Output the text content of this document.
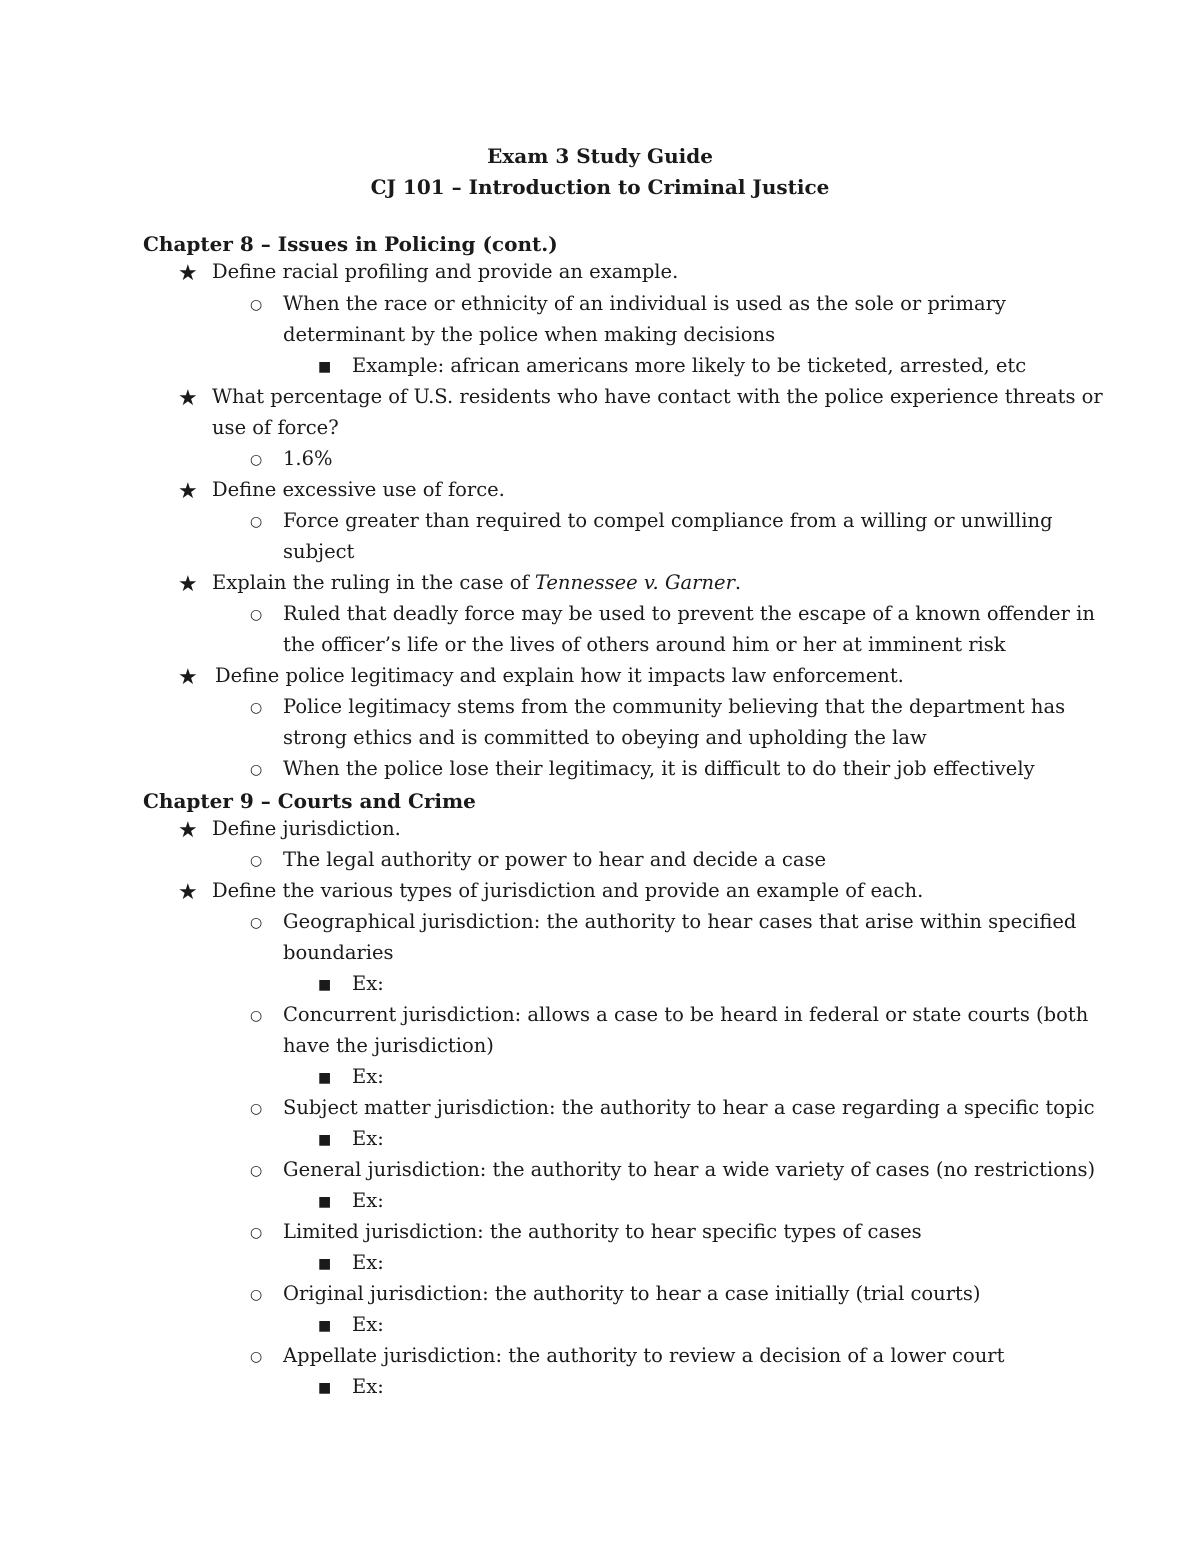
Exam 3 Study Guide
CJ 101 – Introduction to Criminal Justice
Chapter 8 – Issues in Policing (cont.)
★ Define racial profiling and provide an example.
○ When the race or ethnicity of an individual is used as the sole or primary
determinant by the police when making decisions
■ Example: african americans more likely to be ticketed, arrested, etc
★ What percentage of U.S. residents who have contact with the police experience threats or
use of force?
○ 1.6%
★ Define excessive use of force.
○ Force greater than required to compel compliance from a willing or unwilling
subject
★ Explain the ruling in the case of Tennessee v. Garner.
○ Ruled that deadly force may be used to prevent the escape of a known offender in
the officer’s life or the lives of others around him or her at imminent risk
★ Define police legitimacy and explain how it impacts law enforcement.
○ Police legitimacy stems from the community believing that the department has
strong ethics and is committed to obeying and upholding the law
○ When the police lose their legitimacy, it is difficult to do their job effectively
Chapter 9 – Courts and Crime
★ Define jurisdiction.
○ The legal authority or power to hear and decide a case
★ Define the various types of jurisdiction and provide an example of each.
○ Geographical jurisdiction: the authority to hear cases that arise within specified
boundaries
■ Ex:
○ Concurrent jurisdiction: allows a case to be heard in federal or state courts (both
have the jurisdiction)
■ Ex:
○ Subject matter jurisdiction: the authority to hear a case regarding a specific topic
■ Ex:
○ General jurisdiction: the authority to hear a wide variety of cases (no restrictions)
■ Ex:
○ Limited jurisdiction: the authority to hear specific types of cases
■ Ex:
○ Original jurisdiction: the authority to hear a case initially (trial courts)
■ Ex:
○ Appellate jurisdiction: the authority to review a decision of a lower court
■ Ex:
